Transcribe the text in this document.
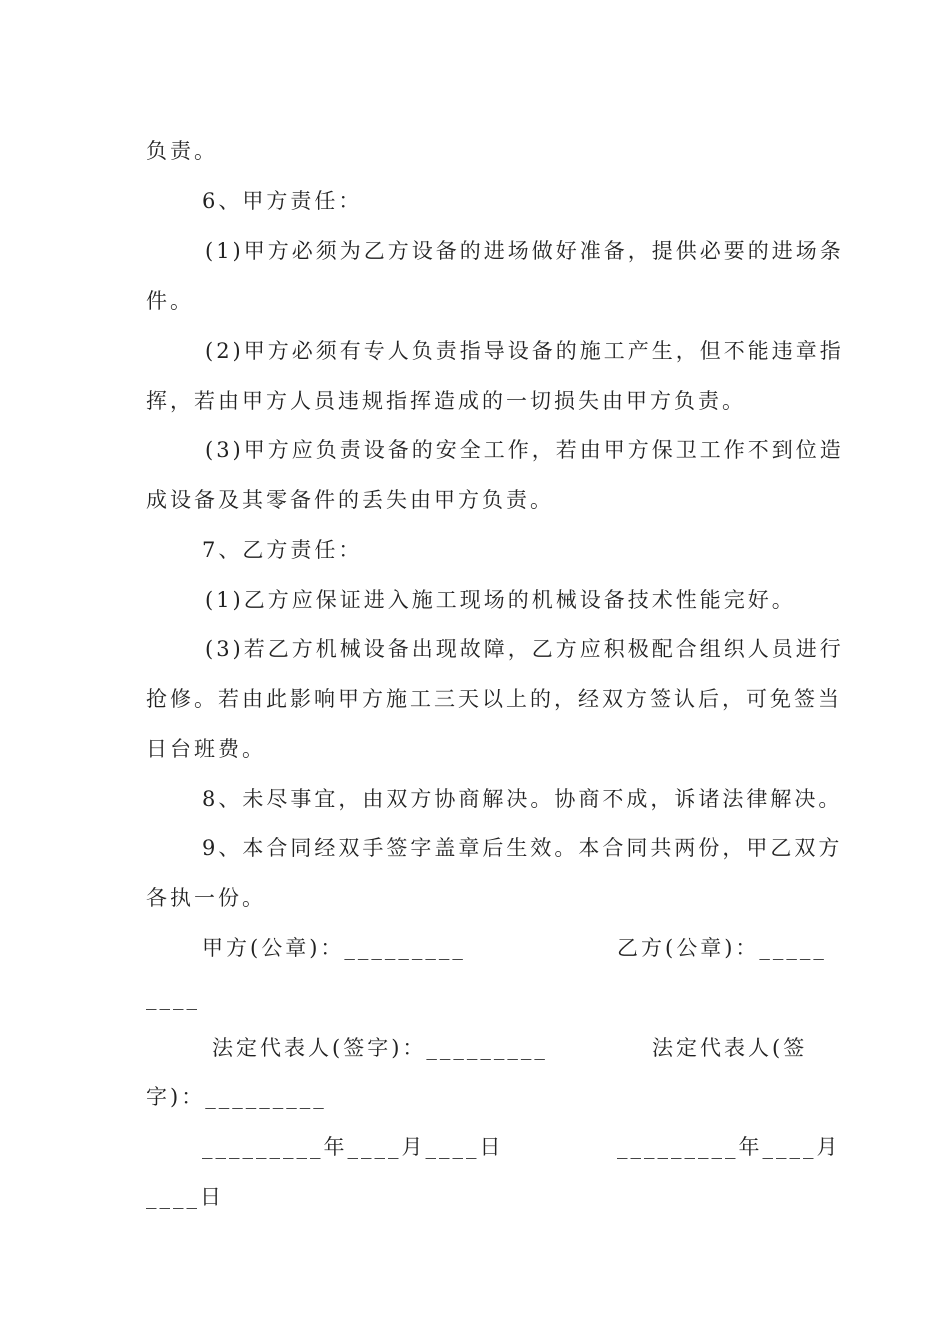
负责。
6、甲方责任：
(1)甲方必须为乙方设备的进场做好准备，提供必要的进场条
件。
(2)甲方必须有专人负责指导设备的施工产生，但不能违章指
挥，若由甲方人员违规指挥造成的一切损失由甲方负责。
(3)甲方应负责设备的安全工作，若由甲方保卫工作不到位造
成设备及其零备件的丢失由甲方负责。
7、乙方责任：
(1)乙方应保证进入施工现场的机械设备技术性能完好。
(3)若乙方机械设备出现故障，乙方应积极配合组织人员进行
抢修。若由此影响甲方施工三天以上的，经双方签认后，可免签当
日台班费。
8、未尽事宜，由双方协商解决。协商不成，诉诸法律解决。
9、本合同经双手签字盖章后生效。本合同共两份，甲乙双方
各执一份。
甲方(公章)：_________	乙方(公章)：_____
____
法定代表人(签字)：_________	法定代表人(签
字)：_________
_________年____月____日	_________年____月
____日
